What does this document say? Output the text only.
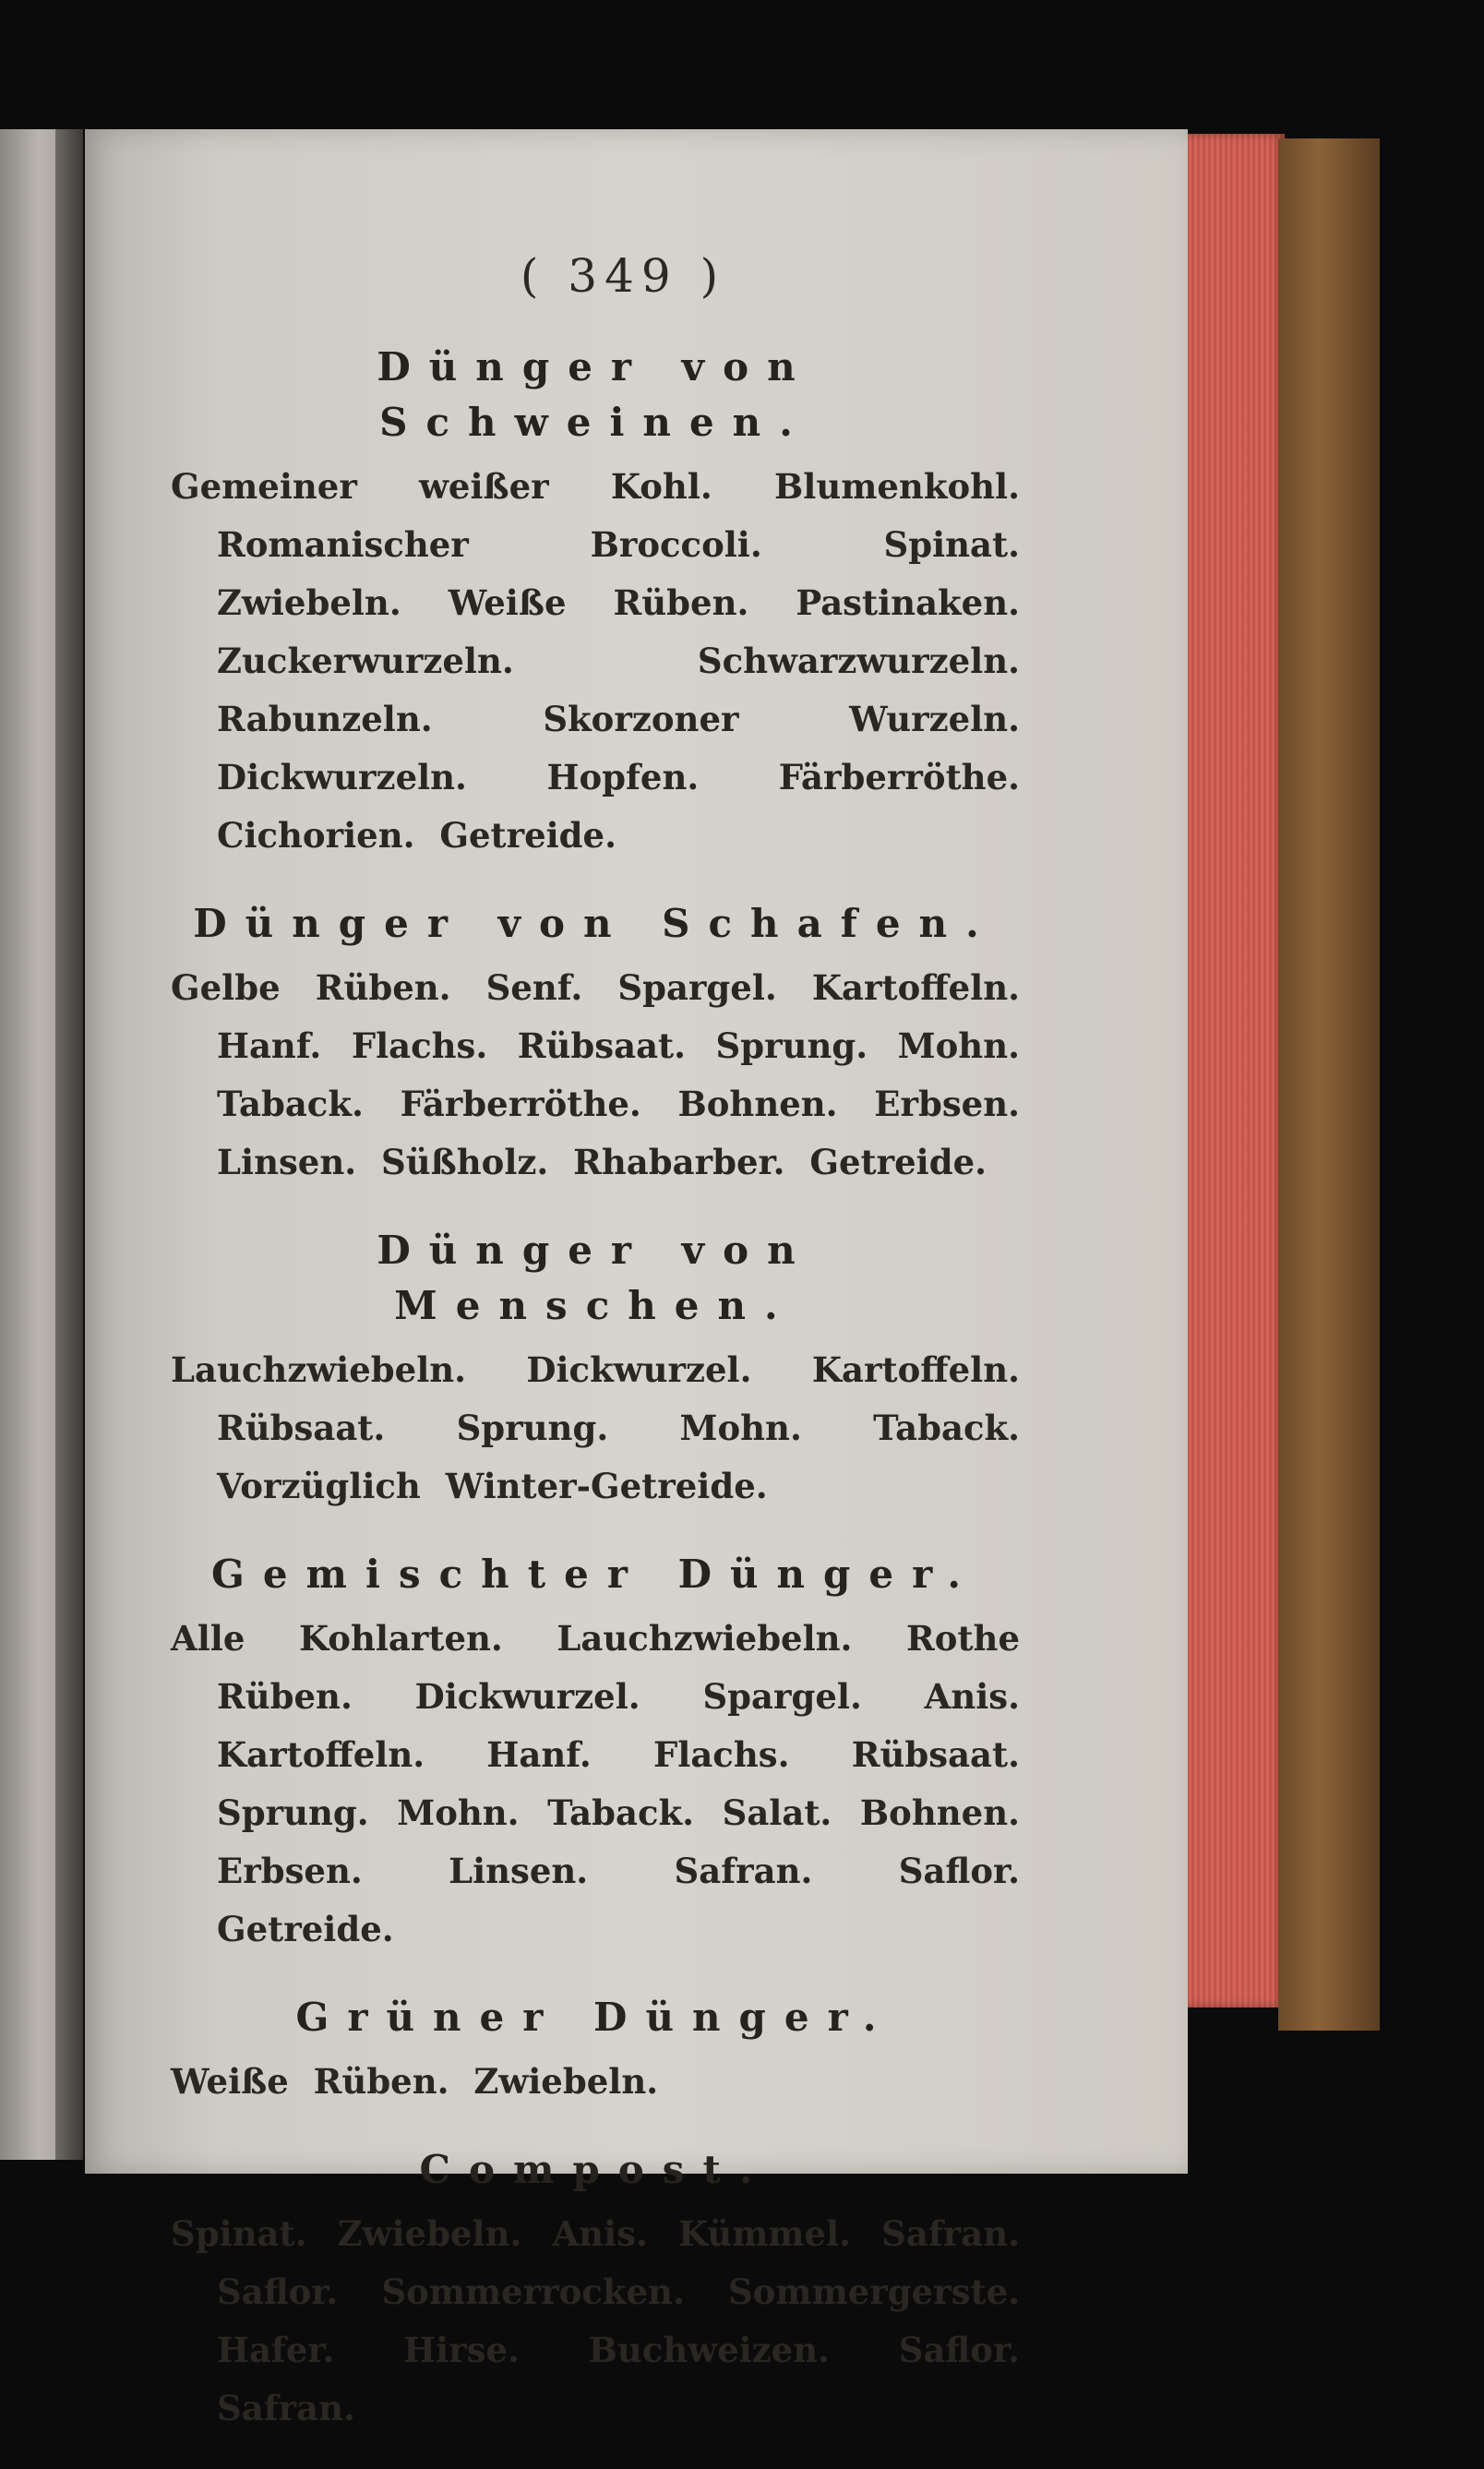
( 349 )
Dünger von Schweinen.
Gemeiner weißer Kohl. Blumenkohl. Romanischer Broccoli. Spinat. Zwiebeln. Weiße Rüben. Pastinaken. Zuckerwurzeln. Schwarzwurzeln. Rabunzeln. Skorzoner Wurzeln. Dickwurzeln. Hopfen. Färberröthe. Cichorien. Getreide.
Dünger von Schafen.
Gelbe Rüben. Senf. Spargel. Kartoffeln. Hanf. Flachs. Rübsaat. Sprung. Mohn. Taback. Färberröthe. Bohnen. Erbsen. Linsen. Süßholz. Rhabarber. Getreide.
Dünger von Menschen.
Lauchzwiebeln. Dickwurzel. Kartoffeln. Rübsaat. Sprung. Mohn. Taback. Vorzüglich Winter-Getreide.
Gemischter Dünger.
Alle Kohlarten. Lauchzwiebeln. Rothe Rüben. Dickwurzel. Spargel. Anis. Kartoffeln. Hanf. Flachs. Rübsaat. Sprung. Mohn. Taback. Salat. Bohnen. Erbsen. Linsen. Safran. Saflor. Getreide.
Grüner Dünger.
Weiße Rüben. Zwiebeln.
Compost.
Spinat. Zwiebeln. Anis. Kümmel. Safran. Saflor. Sommerrocken. Sommergerste. Hafer. Hirse. Buchweizen. Saflor. Safran.
